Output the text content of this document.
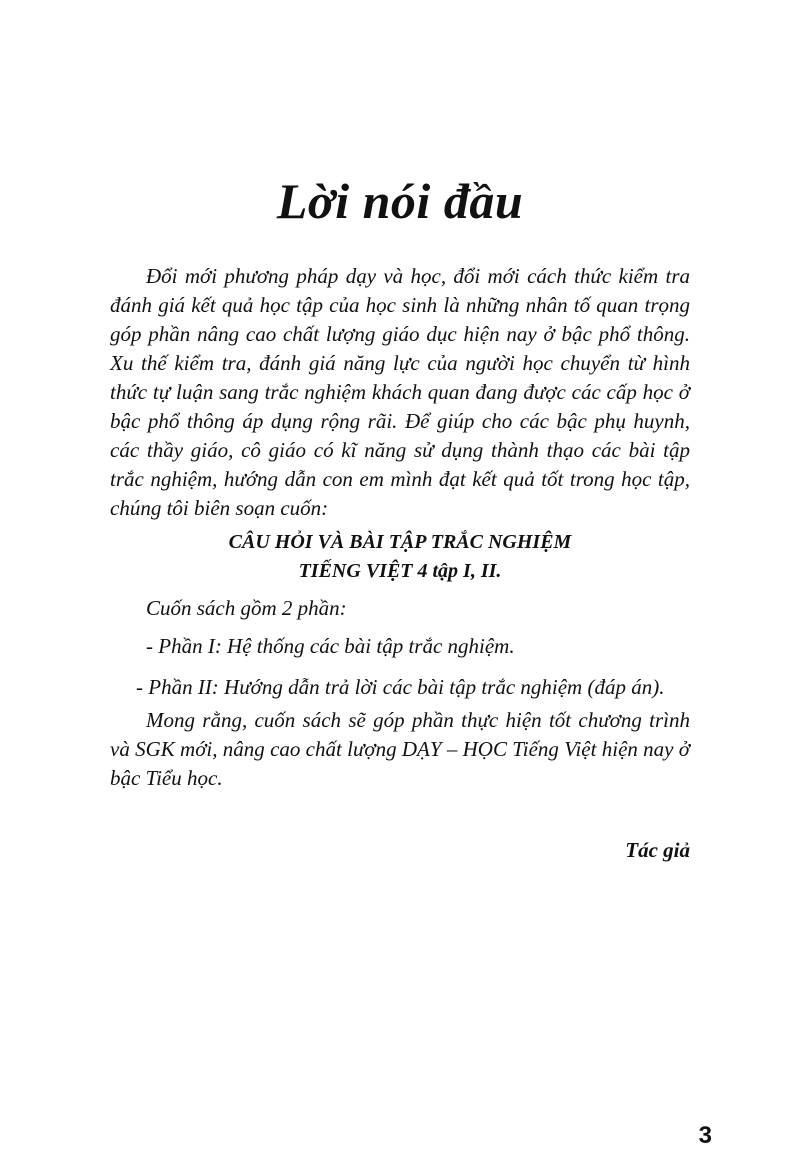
Lời nói đầu

Đổi mới phương pháp dạy và học, đổi mới cách thức kiểm tra đánh giá kết quả học tập của học sinh là những nhân tố quan trọng góp phần nâng cao chất lượng giáo dục hiện nay ở bậc phổ thông. Xu thế kiểm tra, đánh giá năng lực của người học chuyển từ hình thức tự luận sang trắc nghiệm khách quan đang được các cấp học ở bậc phổ thông áp dụng rộng rãi. Để giúp cho các bậc phụ huynh, các thầy giáo, cô giáo có kĩ năng sử dụng thành thạo các bài tập trắc nghiệm, hướng dẫn con em mình đạt kết quả tốt trong học tập, chúng tôi biên soạn cuốn:

CÂU HỎI VÀ BÀI TẬP TRẮC NGHIỆM
TIẾNG VIỆT 4 tập I, II.
Cuốn sách gồm 2 phần:
- Phần I: Hệ thống các bài tập trắc nghiệm.
- Phần II: Hướng dẫn trả lời các bài tập trắc nghiệm (đáp án).

Mong rằng, cuốn sách sẽ góp phần thực hiện tốt chương trình và SGK mới, nâng cao chất lượng DẠY – HỌC Tiếng Việt hiện nay ở bậc Tiểu học.

Tác giả
3
